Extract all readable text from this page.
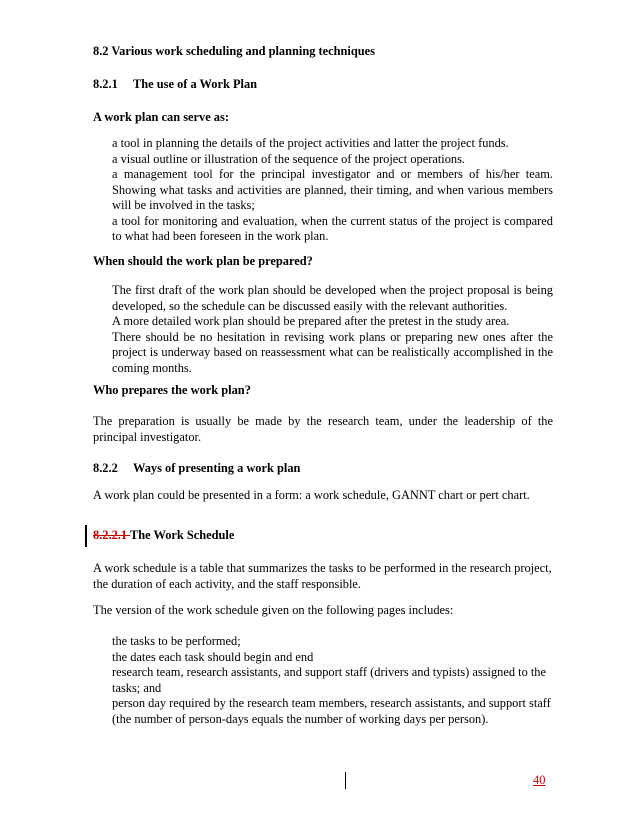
8.2 Various work scheduling and planning techniques
8.2.1 The use of a Work Plan
A work plan can serve as:
a tool in planning the details of the project activities and latter the project funds.
a visual outline or illustration of the sequence of the project operations.
a management tool for the principal investigator and or members of his/her team. Showing what tasks and activities are planned, their timing, and when various members will be involved in the tasks;
a tool for monitoring and evaluation, when the current status of the project is compared to what had been foreseen in the work plan.
When should the work plan be prepared?
The first draft of the work plan should be developed when the project proposal is being developed, so the schedule can be discussed easily with the relevant authorities.
A more detailed work plan should be prepared after the pretest in the study area.
There should be no hesitation in revising work plans or preparing new ones after the project is underway based on reassessment what can be realistically accomplished in the coming months.
Who prepares the work plan?
The preparation is usually be made by the research team, under the leadership of the principal investigator.
8.2.2 Ways of presenting a work plan
A work plan could be presented in a form: a work schedule, GANNT chart or pert chart.
8.2.2.1 The Work Schedule
A work schedule is a table that summarizes the tasks to be performed in the research project, the duration of each activity, and the staff responsible.
The version of the work schedule given on the following pages includes:
the tasks to be performed;
the dates each task should begin and end
research team, research assistants, and support staff (drivers and typists) assigned to the tasks; and
person day required by the research team members, research assistants, and support staff (the number of person-days equals the number of working days per person).
40
